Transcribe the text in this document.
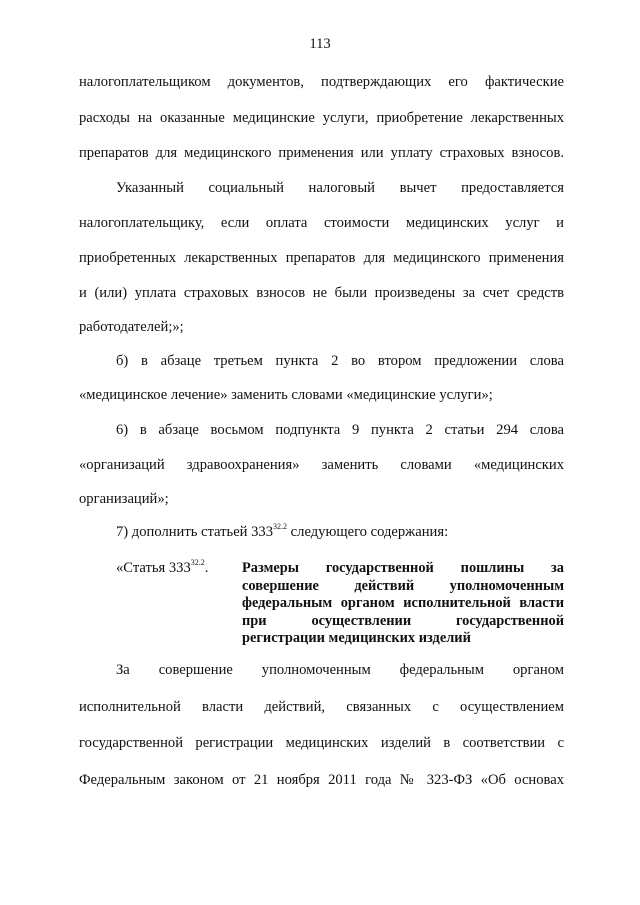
113
налогоплательщиком документов, подтверждающих его фактические
расходы на оказанные медицинские услуги, приобретение лекарственных
препаратов для медицинского применения или уплату страховых взносов.
Указанный социальный налоговый вычет предоставляется
налогоплательщику, если оплата стоимости медицинских услуг и
приобретенных лекарственных препаратов для медицинского применения
и (или) уплата страховых взносов не были произведены за счет средств
работодателей;»;
б) в абзаце третьем пункта 2 во втором предложении слова
«медицинское лечение» заменить словами «медицинские услуги»;
6) в абзаце восьмом подпункта 9 пункта 2 статьи 294 слова
«организаций здравоохранения» заменить словами «медицинских
организаций»;
7) дополнить статьей $333^{32.2}$ следующего содержания:
«Статья $333^{32.2}$. Размеры государственной пошлины за
совершение действий уполномоченным
федеральным органом исполнительной власти
при осуществлении государственной
регистрации медицинских изделий
За совершение уполномоченным федеральным органом
исполнительной власти действий, связанных с осуществлением
государственной регистрации медицинских изделий в соответствии с
Федеральным законом от 21 ноября 2011 года № 323-ФЗ «Об основах
